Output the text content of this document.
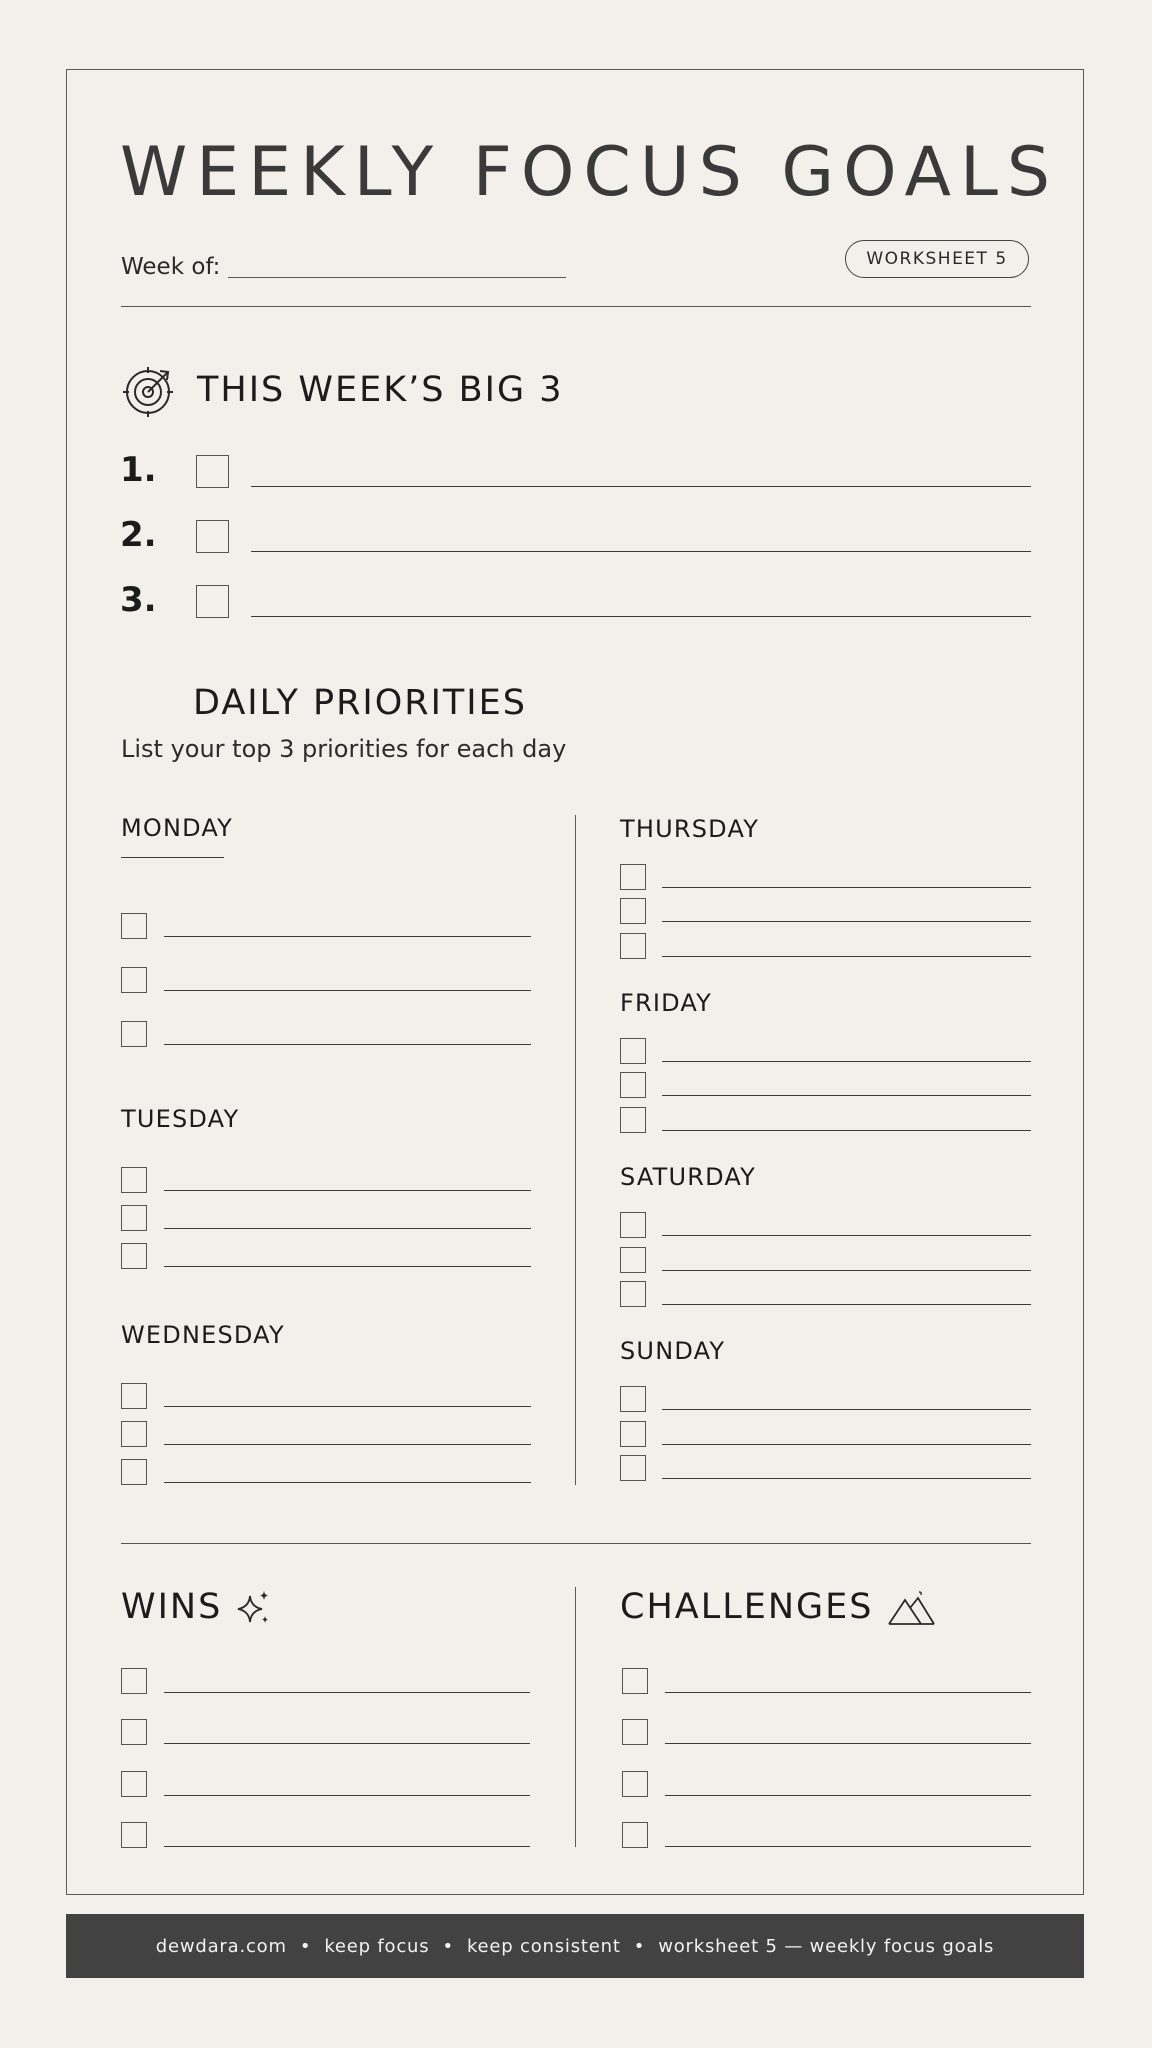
WEEKLY FOCUS GOALS
Week of:	WORKSHEET 5
THIS WEEK’S BIG 3
1.
2.
3.
DAILY PRIORITIES
List your top 3 priorities for each day
MONDAY
TUESDAY
WEDNESDAY
THURSDAY
FRIDAY
SATURDAY
SUNDAY
WINS	CHALLENGES
dewdara.com  •  keep focus  •  keep consistent  •  worksheet 5 — weekly focus goals
